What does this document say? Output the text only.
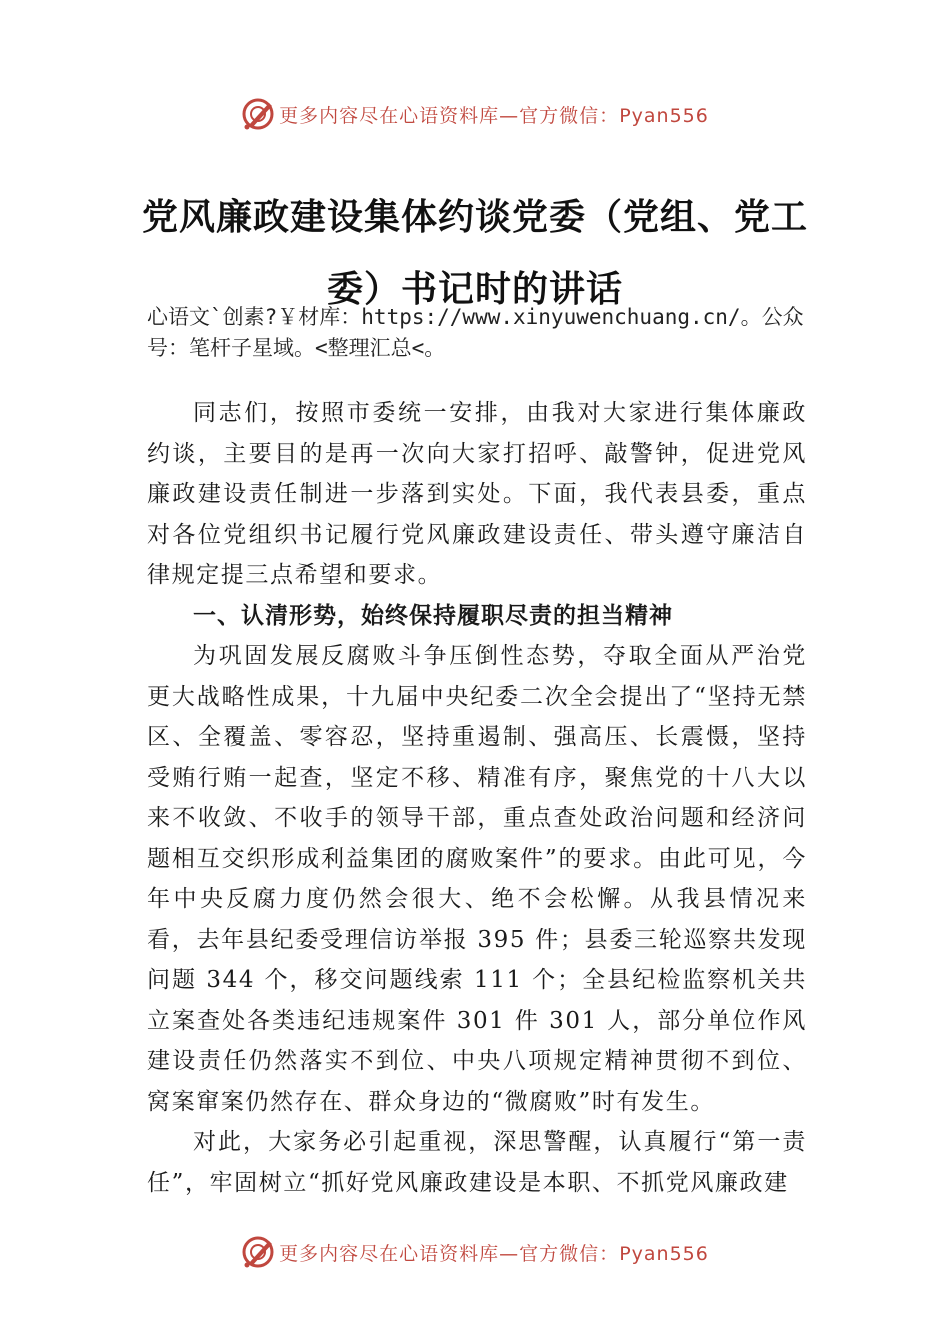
更多内容尽在心语资料库—官方微信：Pyan556
党风廉政建设集体约谈党委（党组、党工委）书记时的讲话
心语文`创素?￥材库：https://www.xinyuwenchuang.cn/。公众号：笔杆子星域。<整理汇总<。

同志们，按照市委统一安排，由我对大家进行集体廉政约谈，主要目的是再一次向大家打招呼、敲警钟，促进党风廉政建设责任制进一步落到实处。下面，我代表县委，重点对各位党组织书记履行党风廉政建设责任、带头遵守廉洁自律规定提三点希望和要求。

一、认清形势，始终保持履职尽责的担当精神

为巩固发展反腐败斗争压倒性态势，夺取全面从严治党更大战略性成果，十九届中央纪委二次全会提出了“坚持无禁区、全覆盖、零容忍，坚持重遏制、强高压、长震慑，坚持受贿行贿一起查，坚定不移、精准有序，聚焦党的十八大以来不收敛、不收手的领导干部，重点查处政治问题和经济问题相互交织形成利益集团的腐败案件”的要求。由此可见，今年中央反腐力度仍然会很大、绝不会松懈。从我县情况来看，去年县纪委受理信访举报 395 件；县委三轮巡察共发现问题 344 个，移交问题线索 111 个；全县纪检监察机关共立案查处各类违纪违规案件 301 件 301 人，部分单位作风建设责任仍然落实不到位、中央八项规定精神贯彻不到位、窝案窜案仍然存在、群众身边的“微腐败”时有发生。

对此，大家务必引起重视，深思警醒，认真履行“第一责任”，牢固树立“抓好党风廉政建设是本职、不抓党风廉政建

更多内容尽在心语资料库—官方微信：Pyan556
